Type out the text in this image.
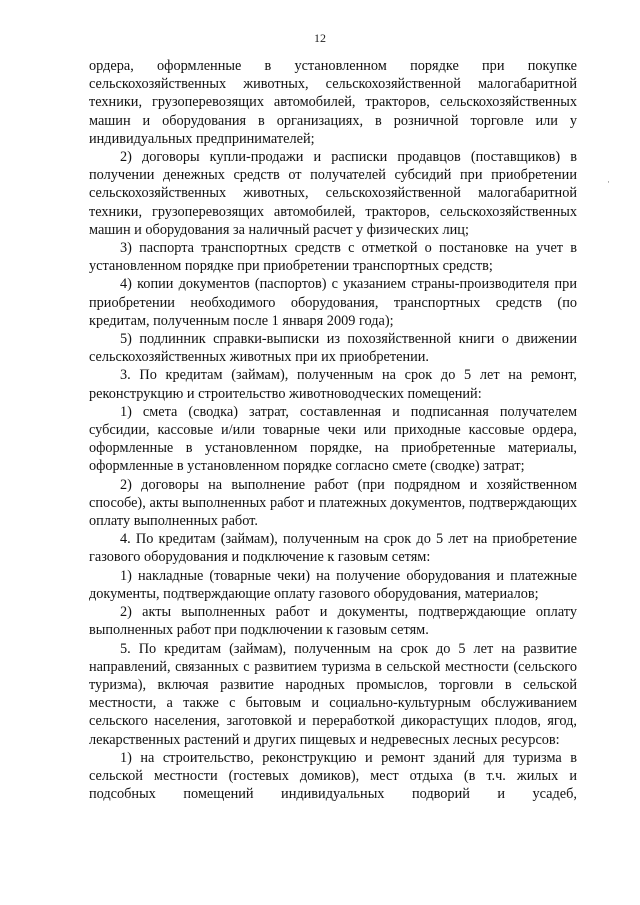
12
·

ордера, оформленные в установленном порядке при покупке сельскохозяйственных животных, сельскохозяйственной малогабаритной техники, грузоперевозящих автомобилей, тракторов, сельскохозяйственных машин и оборудования в организациях, в розничной торговле или у индивидуальных предпринимателей;

2) договоры купли-продажи и расписки продавцов (поставщиков) в получении денежных средств от получателей субсидий при приобретении сельскохозяйственных животных, сельскохозяйственной малогабаритной техники, грузоперевозящих автомобилей, тракторов, сельскохозяйственных машин и оборудования за наличный расчет у физических лиц;

3) паспорта транспортных средств с отметкой о постановке на учет в установленном порядке при приобретении транспортных средств;

4) копии документов (паспортов) с указанием страны-производителя при приобретении необходимого оборудования, транспортных средств (по кредитам, полученным после 1 января 2009 года);

5) подлинник справки-выписки из похозяйственной книги о движении сельскохозяйственных животных при их приобретении.

3. По кредитам (займам), полученным на срок до 5 лет на ремонт, реконструкцию и строительство животноводческих помещений:

1) смета (сводка) затрат, составленная и подписанная получателем субсидии, кассовые и/или товарные чеки или приходные кассовые ордера, оформленные в установленном порядке, на приобретенные материалы, оформленные в установленном порядке согласно смете (сводке) затрат;

2) договоры на выполнение работ (при подрядном и хозяйственном способе), акты выполненных работ и платежных документов, подтверждающих оплату выполненных работ.

4. По кредитам (займам), полученным на срок до 5 лет на приобретение газового оборудования и подключение к газовым сетям:

1) накладные (товарные чеки) на получение оборудования и платежные документы, подтверждающие оплату газового оборудования, материалов;

2) акты выполненных работ и документы, подтверждающие оплату выполненных работ при подключении к газовым сетям.

5. По кредитам (займам), полученным на срок до 5 лет на развитие направлений, связанных с развитием туризма в сельской местности (сельского туризма), включая развитие народных промыслов, торговли в сельской местности, а также с бытовым и социально-культурным обслуживанием сельского населения, заготовкой и переработкой дикорастущих плодов, ягод, лекарственных растений и других пищевых и недревесных лесных ресурсов:

1) на строительство, реконструкцию и ремонт зданий для туризма в сельской местности (гостевых домиков), мест отдыха (в т.ч. жилых и подсобных помещений индивидуальных подворий и усадеб,
